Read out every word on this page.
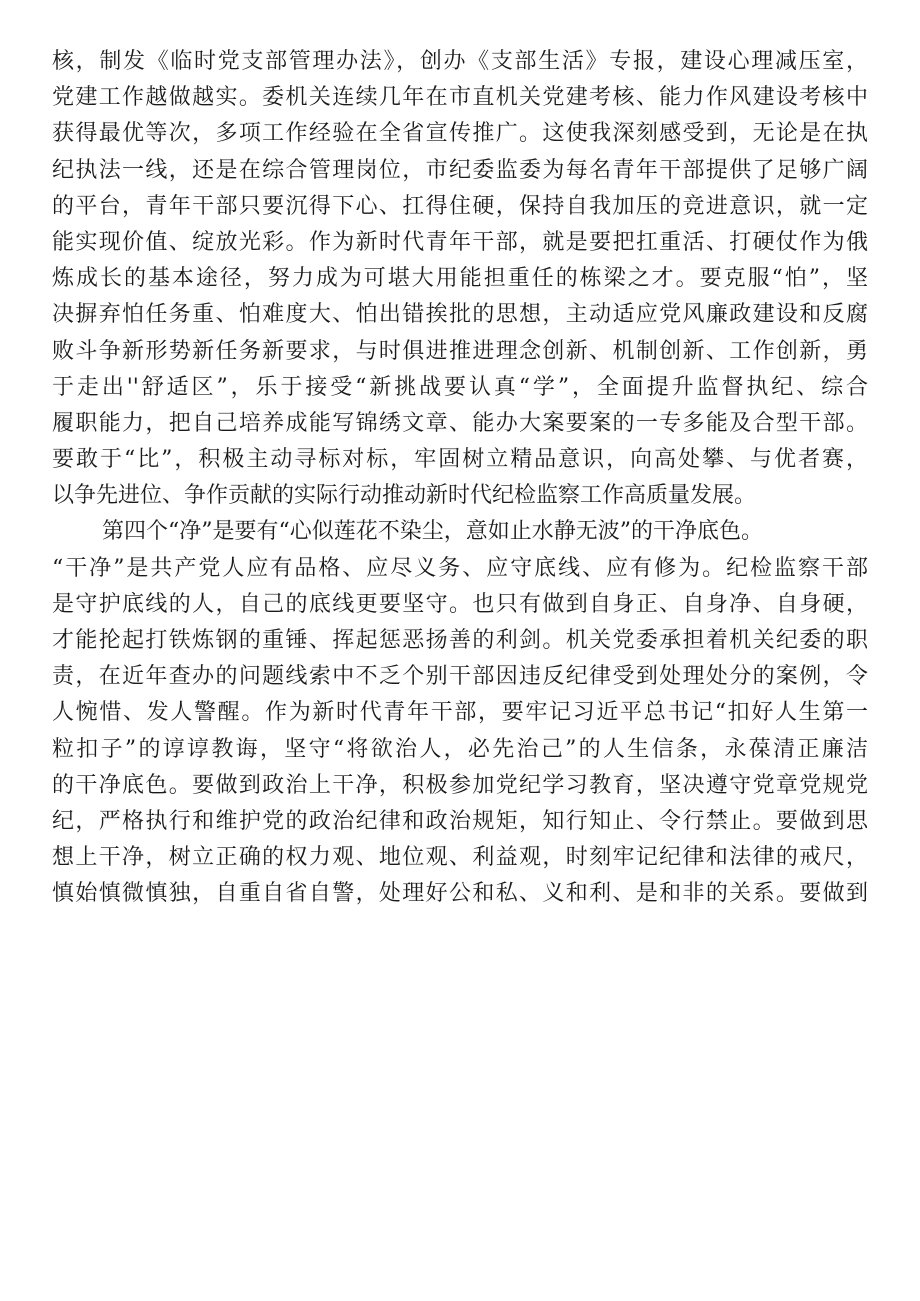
核，制发《临时党支部管理办法》，创办《支部生活》专报，建设心理减压室，
党建工作越做越实。委机关连续几年在市直机关党建考核、能力作风建设考核中
获得最优等次，多项工作经验在全省宣传推广。这使我深刻感受到，无论是在执
纪执法一线，还是在综合管理岗位，市纪委监委为每名青年干部提供了足够广阔
的平台，青年干部只要沉得下心、扛得住硬，保持自我加压的竞进意识，就一定
能实现价值、绽放光彩。作为新时代青年干部，就是要把扛重活、打硬仗作为俄
炼成长的基本途径，努力成为可堪大用能担重任的栋梁之才。要克服“怕”，坚
决摒弃怕任务重、怕难度大、怕出错挨批的思想，主动适应党风廉政建设和反腐
败斗争新形势新任务新要求，与时俱进推进理念创新、机制创新、工作创新，勇
于走出''舒适区”，乐于接受“新挑战要认真“学”，全面提升监督执纪、综合
履职能力，把自己培养成能写锦绣文章、能办大案要案的一专多能及合型干部。
要敢于“比”，积极主动寻标对标，牢固树立精品意识，向高处攀、与优者赛，
以争先进位、争作贡献的实际行动推动新时代纪检监察工作高质量发展。
第四个“净”是要有“心似莲花不染尘，意如止水静无波”的干净底色。
“干净”是共产党人应有品格、应尽义务、应守底线、应有修为。纪检监察干部
是守护底线的人，自己的底线更要坚守。也只有做到自身正、自身净、自身硬，
才能抡起打铁炼钢的重锤、挥起惩恶扬善的利剑。机关党委承担着机关纪委的职
责，在近年查办的问题线索中不乏个别干部因违反纪律受到处理处分的案例，令
人惋惜、发人警醒。作为新时代青年干部，要牢记习近平总书记“扣好人生第一
粒扣子”的谆谆教诲，坚守“将欲治人，必先治己”的人生信条，永葆清正廉洁
的干净底色。要做到政治上干净，积极参加党纪学习教育，坚决遵守党章党规党
纪，严格执行和维护党的政治纪律和政治规矩，知行知止、令行禁止。要做到思
想上干净，树立正确的权力观、地位观、利益观，时刻牢记纪律和法律的戒尺，
慎始慎微慎独，自重自省自警，处理好公和私、义和利、是和非的关系。要做到
